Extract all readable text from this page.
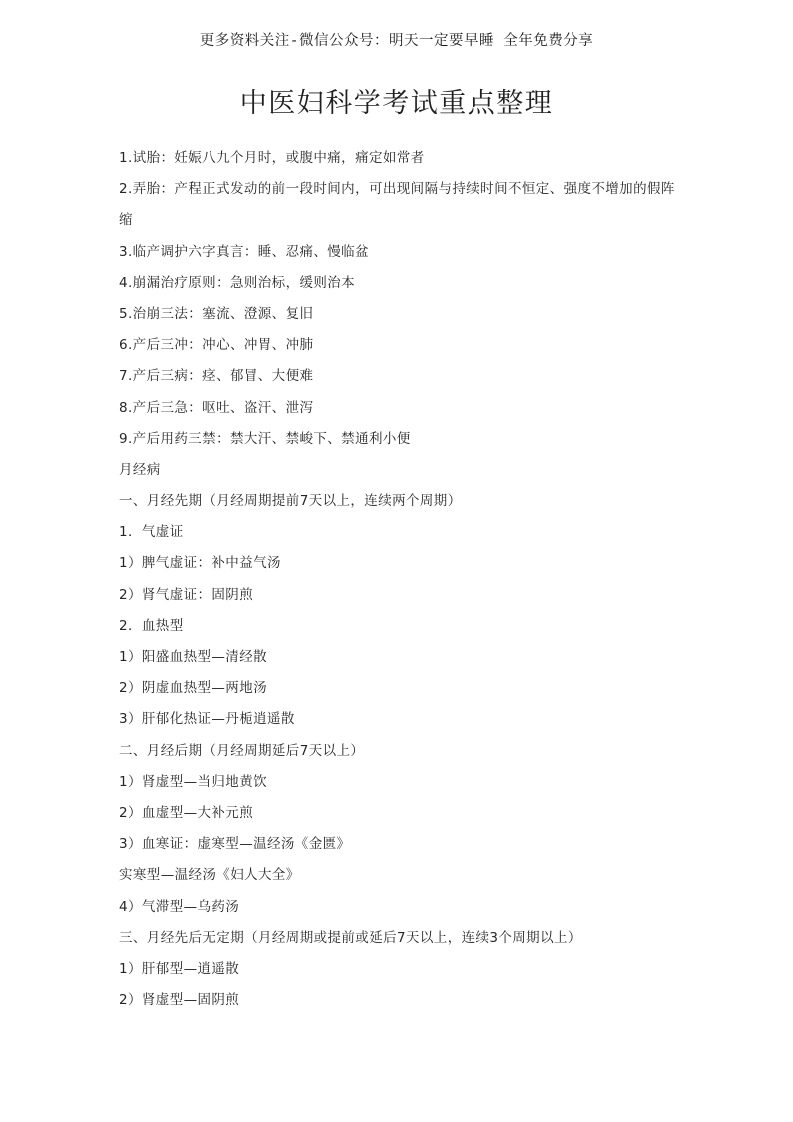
更多资料关注-微信公众号：明天一定要早睡 全年免费分享
中医妇科学考试重点整理
1.试胎：妊娠八九个月时，或腹中痛，痛定如常者
2.弄胎：产程正式发动的前一段时间内，可出现间隔与持续时间不恒定、强度不增加的假阵
缩
3.临产调护六字真言：睡、忍痛、慢临盆
4.崩漏治疗原则：急则治标，缓则治本
5.治崩三法：塞流、澄源、复旧
6.产后三冲：冲心、冲胃、冲肺
7.产后三病：痉、郁冒、大便难
8.产后三急：呕吐、盗汗、泄泻
9.产后用药三禁：禁大汗、禁峻下、禁通利小便
月经病
一、月经先期（月经周期提前7天以上，连续两个周期）
1．气虚证
1）脾气虚证：补中益气汤
2）肾气虚证：固阴煎
2．血热型
1）阳盛血热型—清经散
2）阴虚血热型—两地汤
3）肝郁化热证—丹栀逍遥散
二、月经后期（月经周期延后7天以上）
1）肾虚型—当归地黄饮
2）血虚型—大补元煎
3）血寒证：虚寒型—温经汤《金匮》
实寒型—温经汤《妇人大全》
4）气滞型—乌药汤
三、月经先后无定期（月经周期或提前或延后7天以上，连续3个周期以上）
1）肝郁型—逍遥散
2）肾虚型—固阴煎
